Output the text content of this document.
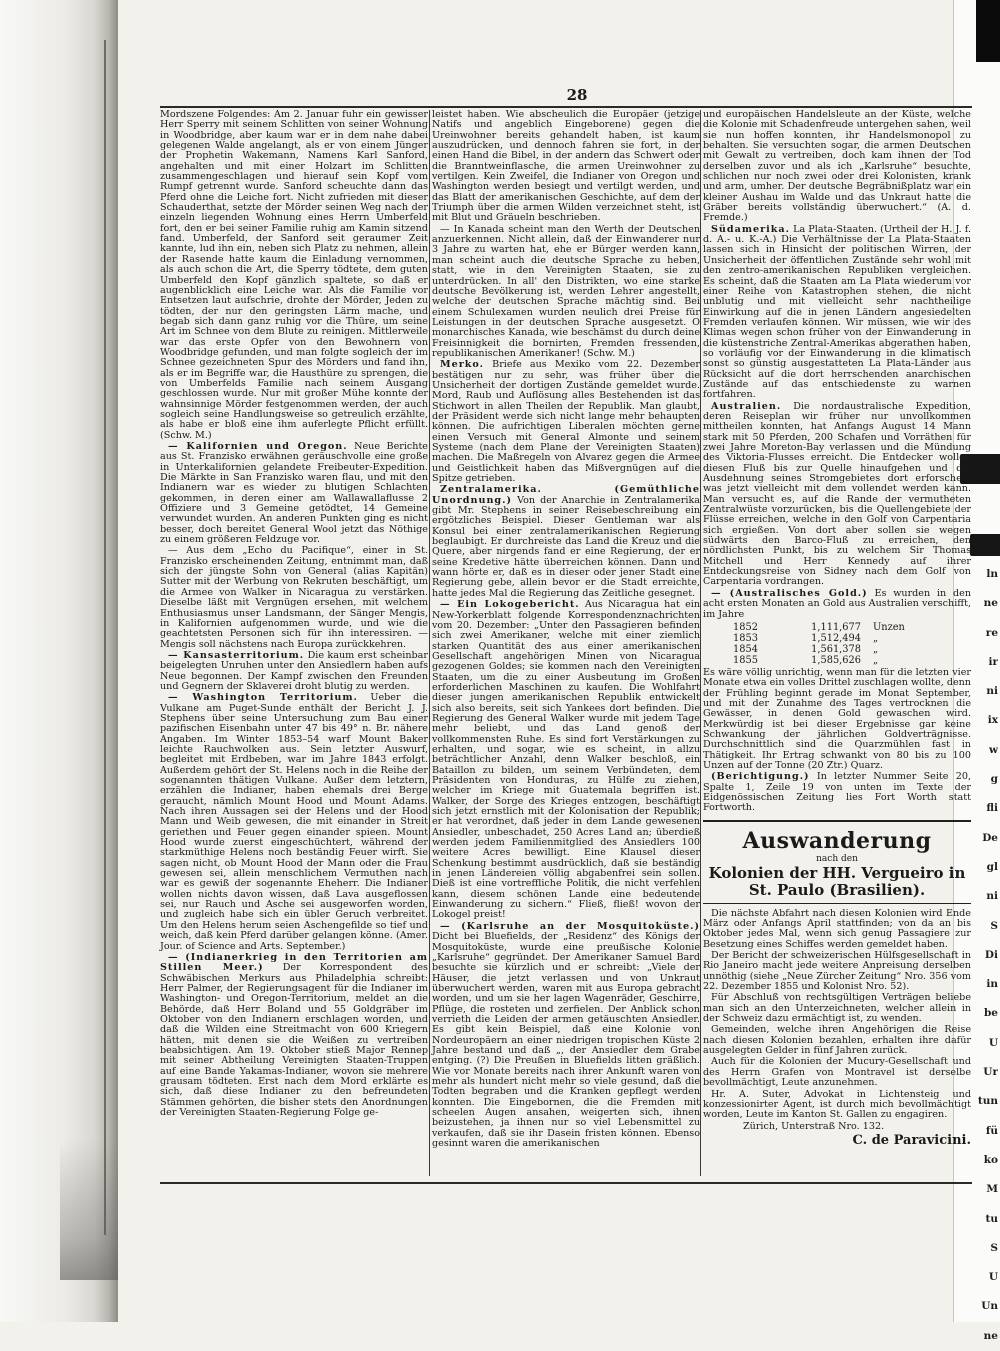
ln
ne
re
ir
ni
ix
w
g
fli
De
gl
ni
S
Di
in
be
U
Ur
tun
fü
ko
M
tu
S
U
Un
ne
28

Mordszene Folgendes: Am 2. Januar fuhr ein gewisser Herr Sperry mit seinem Schlitten von seiner Wohnung in Woodbridge, aber kaum war er in dem nahe dabei gelegenen Walde angelangt, als er von einem Jünger der Prophetin Wakemann, Namens Karl Sanford, angehalten und mit einer Holzart im Schlitten zusammengeschlagen und hierauf sein Kopf vom Rumpf getrennt wurde. Sanford scheuchte dann das Pferd ohne die Leiche fort. Nicht zufrieden mit dieser Schauderthat, setzte der Mörder seinen Weg nach der einzeln liegenden Wohnung eines Herrn Umberfeld fort, den er bei seiner Familie ruhig am Kamin sitzend fand. Umberfeld, der Sanford seit geraumer Zeit kannte, lud ihn ein, neben sich Platz zu nehmen, allein der Rasende hatte kaum die Einladung vernommen, als auch schon die Art, die Sperry tödtete, dem guten Umberfeld den Kopf gänzlich spaltete, so daß er augenblicklich eine Leiche war. Als die Familie vor Entsetzen laut aufschrie, drohte der Mörder, Jeden zu tödten, der nur den geringsten Lärm mache, und begab sich dann ganz ruhig vor die Thüre, um seine Art im Schnee von dem Blute zu reinigen. Mittlerweile war das erste Opfer von den Bewohnern von Woodbridge gefunden, und man folgte sogleich der im Schnee gezeichneten Spur des Mörders und fand ihn, als er im Begriffe war, die Hausthüre zu sprengen, die von Umberfelds Familie nach seinem Ausgang geschlossen wurde. Nur mit großer Mühe konnte der wahnsinnige Mörder festgenommen werden, der auch sogleich seine Handlungsweise so getreulich erzählte, als habe er bloß eine ihm auferlegte Pflicht erfüllt. (Schw. M.)

— Kalifornien und Oregon. Neue Berichte aus St. Franzisko erwähnen geräuschvolle eine große in Unterkalifornien gelandete Freibeuter-Expedition. Die Märkte in San Franzisko waren flau, und mit den Indianern war es wieder zu blutigen Schlachten gekommen, in deren einer am Wallawallaflusse 2 Offiziere und 3 Gemeine getödtet, 14 Gemeine verwundet wurden. An anderen Punkten ging es nicht besser, doch bereitet General Wool jetzt das Nöthige zu einem größeren Feldzuge vor.

— Aus dem „Echo du Pacifique“, einer in St. Franzisko erscheinenden Zeitung, entnimmt man, daß sich der jüngste Sohn von General (alias Kapitän) Sutter mit der Werbung von Rekruten beschäftigt, um die Armee von Walker in Nicaragua zu verstärken. Dieselbe läßt mit Vergnügen ersehen, mit welchem Enthusiasmus unser Landsmann, der Sänger Mengis, in Kalifornien aufgenommen wurde, und wie die geachtetsten Personen sich für ihn interessiren. — Mengis soll nächstens nach Europa zurückkehren.

— Kansasterritorium. Die kaum erst scheinbar beigelegten Unruhen unter den Ansiedlern haben aufs Neue begonnen. Der Kampf zwischen den Freunden und Gegnern der Sklaverei droht blutig zu werden.

— Washington Territorium. Ueber die Vulkane am Puget-Sunde enthält der Bericht J. J. Stephens über seine Untersuchung zum Bau einer pazifischen Eisenbahn unter 47 bis 49° n. Br. nähere Angaben. Im Winter 1853–54 warf Mount Baker leichte Rauchwolken aus. Sein letzter Auswurf, begleitet mit Erdbeben, war im Jahre 1843 erfolgt. Außerdem gehört der St. Helens noch in die Reihe der sogenannten thätigen Vulkane. Außer dem letztern, erzählen die Indianer, haben ehemals drei Berge geraucht, nämlich Mount Hood und Mount Adams. Nach ihren Aussagen sei der Helens und der Hood Mann und Weib gewesen, die mit einander in Streit geriethen und Feuer gegen einander spieen. Mount Hood wurde zuerst eingeschüchtert, während der starkmüthige Helens noch beständig Feuer wirft. Sie sagen nicht, ob Mount Hood der Mann oder die Frau gewesen sei, allein menschlichem Vermuthen nach war es gewiß der sogenannte Eheherr. Die Indianer wollen nichts davon wissen, daß Lava ausgeflossen sei, nur Rauch und Asche sei ausgeworfen worden, und zugleich habe sich ein übler Geruch verbreitet. Um den Helens herum seien Aschengefilde so tief und weich, daß kein Pferd darüber gelangen könne. (Amer. Jour. of Science and Arts. September.)

— (Indianerkrieg in den Territorien am Stillen Meer.) Der Korrespondent des Schwäbischen Merkurs aus Philadelphia schreibt: Herr Palmer, der Regierungsagent für die Indianer im Washington- und Oregon-Territorium, meldet an die Behörde, daß Herr Boland und 55 Goldgräber im Oktober von den Indianern erschlagen worden, und daß die Wilden eine Streitmacht von 600 Kriegern hätten, mit denen sie die Weißen zu vertreiben beabsichtigen. Am 19. Oktober stieß Major Rennep mit seiner Abtheilung Vereinigten Staaten-Truppen auf eine Bande Yakamas-Indianer, wovon sie mehrere grausam tödteten. Erst nach dem Mord erklärte es sich, daß diese Indianer zu den befreundeten Stämmen gehörten, die bisher stets den Anordnungen der Vereinigten Staaten-Regierung Folge ge-

leistet haben. Wie abscheulich die Europäer (jetzige Natifs und angeblich Eingeborene) gegen die Ureinwohner bereits gehandelt haben, ist kaum auszudrücken, und dennoch fahren sie fort, in der einen Hand die Bibel, in der andern das Schwert oder die Branntweinflasche, die armen Ureinwohner zu vertilgen. Kein Zweifel, die Indianer von Oregon und Washington werden besiegt und vertilgt werden, und das Blatt der amerikanischen Geschichte, auf dem der Triumph über die armen Wilden verzeichnet steht, ist mit Blut und Gräueln beschrieben.

— In Kanada scheint man den Werth der Deutschen anzuerkennen. Nicht allein, daß der Einwanderer nur 3 Jahre zu warten hat, ehe er Bürger werden kann, man scheint auch die deutsche Sprache zu heben, statt, wie in den Vereinigten Staaten, sie zu unterdrücken. In all' den Distrikten, wo eine starke deutsche Bevölkerung ist, werden Lehrer angestellt, welche der deutschen Sprache mächtig sind. Bei einem Schulexamen wurden neulich drei Preise für Leistungen in der deutschen Sprache ausgesetzt. O monarchisches Kanada, wie beschämst du durch deine Freisinnigkeit die bornirten, Fremden fressenden, republikanischen Amerikaner! (Schw. M.)

Merko. Briefe aus Mexiko vom 22. Dezember bestätigen nur zu sehr, was früher über die Unsicherheit der dortigen Zustände gemeldet wurde. Mord, Raub und Auflösung alles Bestehenden ist das Stichwort in allen Theilen der Republik. Man glaubt, der Präsident werde sich nicht lange mehr behaupten können. Die aufrichtigen Liberalen möchten gerne einen Versuch mit General Almonte und seinem Systeme (nach dem Plane der Vereinigten Staaten) machen. Die Maßregeln von Alvarez gegen die Armee und Geistlichkeit haben das Mißvergnügen auf die Spitze getrieben.

Zentralamerika.	(Gemüthliche Unordnung.) Von der Anarchie in Zentralamerika gibt Mr. Stephens in seiner Reisebeschreibung ein ergötzliches Beispiel. Dieser Gentleman war als Konsul bei einer zentralamerikanischen Regierung beglaubigt. Er durchreiste das Land die Kreuz und die Quere, aber nirgends fand er eine Regierung, der er seine Kredetive hätte überreichen können. Dann und wann hörte er, daß es in dieser oder jener Stadt eine Regierung gebe, allein bevor er die Stadt erreichte, hatte jedes Mal die Regierung das Zeitliche gesegnet.

— Ein Lokogebericht. Aus Nicaragua hat ein New-Yorkerblatt folgende Korrespondenznachrichten vom 20. Dezember: „Unter den Passagieren befinden sich zwei Amerikaner, welche mit einer ziemlich starken Quantität des aus einer amerikanischen Gesellschaft angehörigen Minen von Nicaragua gezogenen Goldes; sie kommen nach den Vereinigten Staaten, um die zu einer Ausbeutung im Großen erforderlichen Maschinen zu kaufen. Die Wohlfahrt dieser jungen amerikanischen Republik entwickelt sich also bereits, seit sich Yankees dort befinden. Die Regierung des General Walker wurde mit jedem Tage mehr beliebt, und das Land genoß der vollkommensten Ruhe. Es sind fort Verstärkungen zu erhalten, und sogar, wie es scheint, in allzu beträchtlicher Anzahl, denn Walker beschloß, ein Bataillon zu bilden, um seinem Verbündeten, dem Präsidenten von Honduras, zu Hülfe zu ziehen, welcher im Kriege mit Guatemala begriffen ist. Walker, der Sorge des Krieges entzogen, beschäftigt sich jetzt ernstlich mit der Kolonisation der Republik; er hat verordnet, daß jeder in dem Lande gewesenen Ansiedler, unbeschadet, 250 Acres Land an; überdieß werden jedem Familienmitglied des Ansiedlers 100 weitere Acres bewilligt. Eine Klausel dieser Schenkung bestimmt ausdrücklich, daß sie beständig in jenen Ländereien völlig abgabenfrei sein sollen. Dieß ist eine vortreffliche Politik, die nicht verfehlen kann, diesem schönen Lande eine bedeutende Einwanderung zu sichern.“ Fließ, fließ! wovon der Lokogel preist!

— (Karlsruhe an der Mosquitoküste.) Dicht bei Bluefields, der „Residenz“ des Königs der Mosquitoküste, wurde eine preußische Kolonie „Karlsruhe“ gegründet. Der Amerikaner Samuel Bard besuchte sie kürzlich und er schreibt: „Viele der Häuser, die jetzt verlassen und von Unkraut überwuchert werden, waren mit aus Europa gebracht worden, und um sie her lagen Wagenräder, Geschirre, Pflüge, die rosteten und zerfielen. Der Anblick schon verrieth die Leiden der armen getäuschten Ansiedler. Es gibt kein Beispiel, daß eine Kolonie von Nordeuropäern an einer niedrigen tropischen Küste 2 Jahre bestand und daß „, der Ansiedler dem Grabe entging. (?) Die Preußen in Bluefields litten gräßlich. Wie vor Monate bereits nach ihrer Ankunft waren von mehr als hundert nicht mehr so viele gesund, daß die Todten begraben und die Kranken gepflegt werden konnten. Die Eingebornen, die die Fremden mit scheelen Augen ansahen, weigerten sich, ihnen beizustehen, ja ihnen nur so viel Lebensmittel zu verkaufen, daß sie ihr Dasein fristen können. Ebenso gesinnt waren die amerikanischen

und europäischen Handelsleute an der Küste, welche die Kolonie mit Schadenfreude untergehen sahen, weil sie nun hoffen konnten, ihr Handelsmonopol zu behalten. Sie versuchten sogar, die armen Deutschen mit Gewalt zu vertreiben, doch kam ihnen der Tod derselben zuvor und als ich „Karlsruhe“ besuchte, schlichen nur noch zwei oder drei Kolonisten, krank und arm, umher. Der deutsche Begräbnißplatz war ein kleiner Aushau im Walde und das Unkraut hatte die Gräber bereits vollständig überwuchert.“ (A. d. Fremde.)

Südamerika. La Plata-Staaten. (Urtheil der H. J. f. d. A.- u. K.-A.) Die Verhältnisse der La Plata-Staaten lassen sich in Hinsicht der politischen Wirren, der Unsicherheit der öffentlichen Zustände sehr wohl mit den zentro-amerikanischen Republiken vergleichen. Es scheint, daß die Staaten am La Plata wiederum vor einer Reihe von Katastrophen stehen, die nicht unblutig und mit vielleicht sehr nachtheilige Einwirkung auf die in jenen Ländern angesiedelten Fremden verlaufen können. Wir müssen, wie wir des Klimas wegen schon früher von der Einwanderung in die küstenstriche Zentral-Amerikas abgerathen haben, so vorläufig vor der Einwanderung in die klimatisch sonst so günstig ausgestatteten La Plata-Länder aus Rücksicht auf die dort herrschenden anarchischen Zustände auf das entschiedenste zu warnen fortfahren.

Australien. Die nordaustralische Expedition, deren Reiseplan wir früher nur unvollkommen mittheilen konnten, hat Anfangs August 14 Mann stark mit 50 Pferden, 200 Schafen und Vorräthen für zwei Jahre Moreton-Bay verlassen und die Mündung des Viktoria-Flusses erreicht. Die Entdecker wollen diesen Fluß bis zur Quelle hinaufgehen und die Ausdehnung seines Stromgebietes dort erforschen, was jetzt vielleicht mit dem vollendet werden kann. Man versucht es, auf die Rande der vermutheten Zentralwüste vorzurücken, bis die Quellengebiete der Flüsse erreichen, welche in den Golf von Carpentaria sich ergießen. Von dort aber sollen sie wegen südwärts den Barco-Fluß zu erreichen, den nördlichsten Punkt, bis zu welchem Sir Thomas Mitchell und Herr Kennedy auf ihrer Entdeckungsreise von Sidney nach dem Golf von Carpentaria vordrangen.

— (Australisches Gold.) Es wurden in den acht ersten Monaten an Gold aus Australien verschifft, im Jahre

1852	1,111,677 Unzen
1853	1,512,494 „
1854	1,561,378 „
1855	1,585,626 „

Es wäre völlig unrichtig, wenn man für die letzten vier Monate etwa ein volles Drittel zuschlagen wollte, denn der Frühling beginnt gerade im Monat September, und mit der Zunahme des Tages vertrocknen die Gewässer, in denen Gold gewaschen wird. Merkwürdig ist bei dieser Ergebnisse gar keine Schwankung der jährlichen Goldverträgnisse. Durchschnittlich sind die Quarzmühlen fast in Thätigkeit. Ihr Ertrag schwankt von 80 bis zu 100 Unzen auf der Tonne (20 Ztr.) Quarz.

(Berichtigung.) In letzter Nummer Seite 20, Spalte 1, Zeile 19 von unten im Texte der Eidgenössischen Zeitung lies Fort Worth statt Fortworth.

Auswanderung
nach den
Kolonien der HH. Vergueiro in St. Paulo (Brasilien).

Die nächste Abfahrt nach diesen Kolonien wird Ende März oder Anfangs April stattfinden; von da an bis Oktober jedes Mal, wenn sich genug Passagiere zur Besetzung eines Schiffes werden gemeldet haben.

Der Bericht der schweizerischen Hülfsgesellschaft in Rio Janeiro macht jede weitere Anpreisung derselben unnöthig (siehe „Neue Zürcher Zeitung“ Nro. 356 vom 22. Dezember 1855 und Kolonist Nro. 52).

Für Abschluß von rechtsgültigen Verträgen beliebe man sich an den Unterzeichneten, welcher allein in der Schweiz dazu ermächtigt ist, zu wenden.

Gemeinden, welche ihren Angehörigen die Reise nach diesen Kolonien bezahlen, erhalten ihre dafür ausgelegten Gelder in fünf Jahren zurück.

Auch für die Kolonien der Mucury-Gesellschaft und des Herrn Grafen von Montravel ist derselbe bevollmächtigt, Leute anzunehmen.

Hr. A. Suter, Advokat in Lichtensteig und konzessionirter Agent, ist durch mich bevollmächtigt worden, Leute im Kanton St. Gallen zu engagiren.

Zürich, Unterstraß Nro. 132.

C. de Paravicini.
